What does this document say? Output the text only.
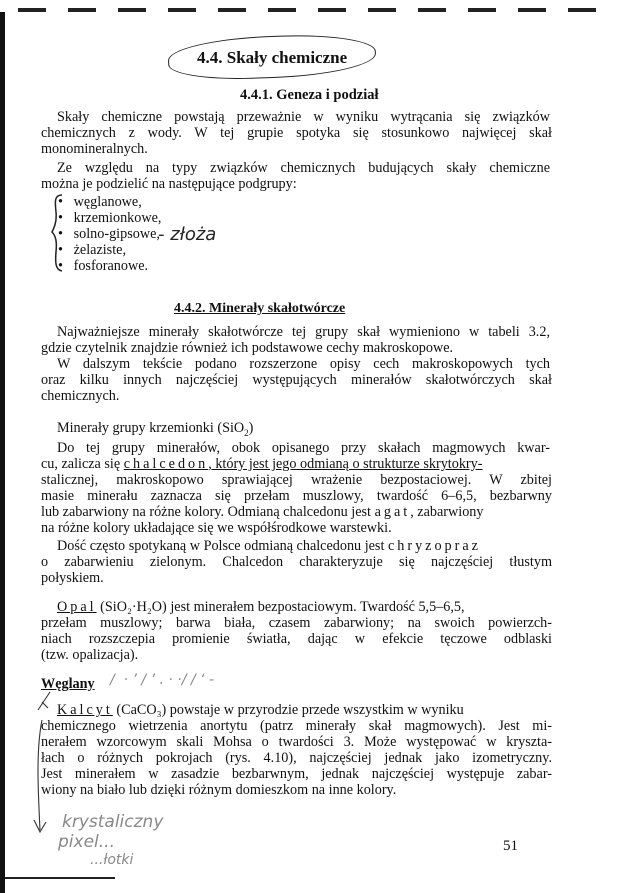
4.4. Skały chemiczne
4.4.1. Geneza i podział
Skały chemiczne powstają przeważnie w wyniku wytrącania się związków
chemicznych z wody. W tej grupie spotyka się stosunkowo najwięcej skał
monomineralnych.
Ze względu na typy związków chemicznych budujących skały chemiczne
można je podzielić na następujące podgrupy:
•   węglanowe,
•   krzemionkowe,
•   solno-gipsowe,
•   żelaziste,
•   fosforanowe.
- złoża
4.4.2. Minerały skałotwórcze
Najważniejsze minerały skałotwórcze tej grupy skał wymieniono w tabeli 3.2,
gdzie czytelnik znajdzie również ich podstawowe cechy makroskopowe.
W dalszym tekście podano rozszerzone opisy cech makroskopowych tych
oraz kilku innych najczęściej występujących minerałów skałotwórczych skał
chemicznych.
Minerały grupy krzemionki (SiO$_2$)
Do tej grupy minerałów, obok opisanego przy skałach magmowych kwar-
cu, zalicza się chalcedon, który jest jego odmianą o strukturze skrytokry-
stalicznej, makroskopowo sprawiającej wrażenie bezpostaciowej. W zbitej
masie minerału zaznacza się przełam muszlowy, twardość 6–6,5, bezbarwny
lub zabarwiony na różne kolory. Odmianą chalcedonu jest agat, zabarwiony
na różne kolory układające się we współśrodkowe warstewki.
Dość często spotykaną w Polsce odmianą chalcedonu jest chryzopraz
o zabarwieniu zielonym. Chalcedon charakteryzuje się najczęściej tłustym
połyskiem.
Opal (SiO₂·H₂O) jest minerałem bezpostaciowym. Twardość 5,5–6,5,
przełam muszlowy; barwa biała, czasem zabarwiony; na swoich powierzch-
niach rozszczepia promienie światła, dając w efekcie tęczowe odblaski
(tzw. opalizacja).
Węglany /  · ’ / ’ . · ·/ / ‘ -
Kalcyt (CaCO₃) powstaje w przyrodzie przede wszystkim w wyniku
chemicznego wietrzenia anortytu (patrz minerały skał magmowych). Jest mi-
nerałem wzorcowym skali Mohsa o twardości 3. Może występować w kryszta-
łach o różnych pokrojach (rys. 4.10), najczęściej jednak jako izometryczny.
Jest minerałem w zasadzie bezbarwnym, jednak najczęściej występuje zabar-
wiony na biało lub dzięki różnym domieszkom na inne kolory.
krystaliczny
pixel...
...łotki
51
